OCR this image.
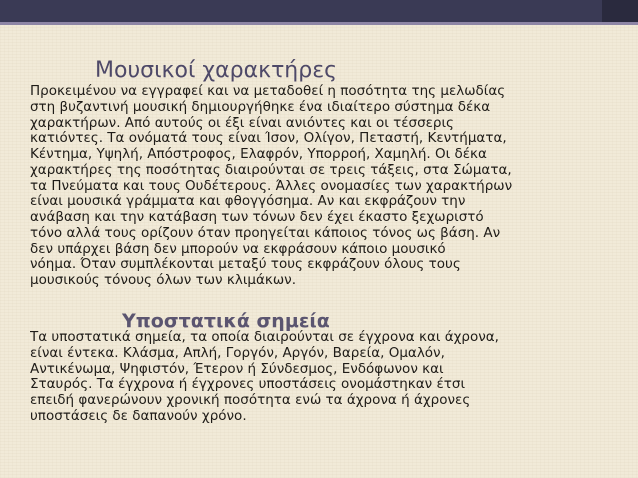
Μουσικοί χαρακτήρες

Προκειμένου να εγγραφεί και να μεταδοθεί η ποσότητα της μελωδίας
στη βυζαντινή μουσική δημιουργήθηκε ένα ιδιαίτερο σύστημα δέκα
χαρακτήρων. Από αυτούς οι έξι είναι ανιόντες και οι τέσσερις
κατιόντες. Τα ονόματά τους είναι Ίσον, Ολίγον, Πεταστή, Κεντήματα,
Κέντημα, Υψηλή, Απόστροφος, Ελαφρόν, Υπορροή, Χαμηλή. Οι δέκα
χαρακτήρες της ποσότητας διαιρούνται σε τρεις τάξεις, στα Σώματα,
τα Πνεύματα και τους Ουδέτερους. Άλλες ονομασίες των χαρακτήρων
είναι μουσικά γράμματα και φθογγόσημα. Αν και εκφράζουν την
ανάβαση και την κατάβαση των τόνων δεν έχει έκαστο ξεχωριστό
τόνο αλλά τους ορίζουν όταν προηγείται κάποιος τόνος ως βάση. Αν
δεν υπάρχει βάση δεν μπορούν να εκφράσουν κάποιο μουσικό
νόημα. Όταν συμπλέκονται μεταξύ τους εκφράζουν όλους τους
μουσικούς τόνους όλων των κλιμάκων.

Υποστατικά σημεία

Τα υποστατικά σημεία, τα οποία διαιρούνται σε έγχρονα και άχρονα,
είναι έντεκα. Κλάσμα, Απλή, Γοργόν, Αργόν, Βαρεία, Ομαλόν,
Αντικένωμα, Ψηφιστόν, Έτερον ή Σύνδεσμος, Ενδόφωνον και
Σταυρός. Τα έγχρονα ή έγχρονες υποστάσεις ονομάστηκαν έτσι
επειδή φανερώνουν χρονική ποσότητα ενώ τα άχρονα ή άχρονες
υποστάσεις δε δαπανούν χρόνο.
